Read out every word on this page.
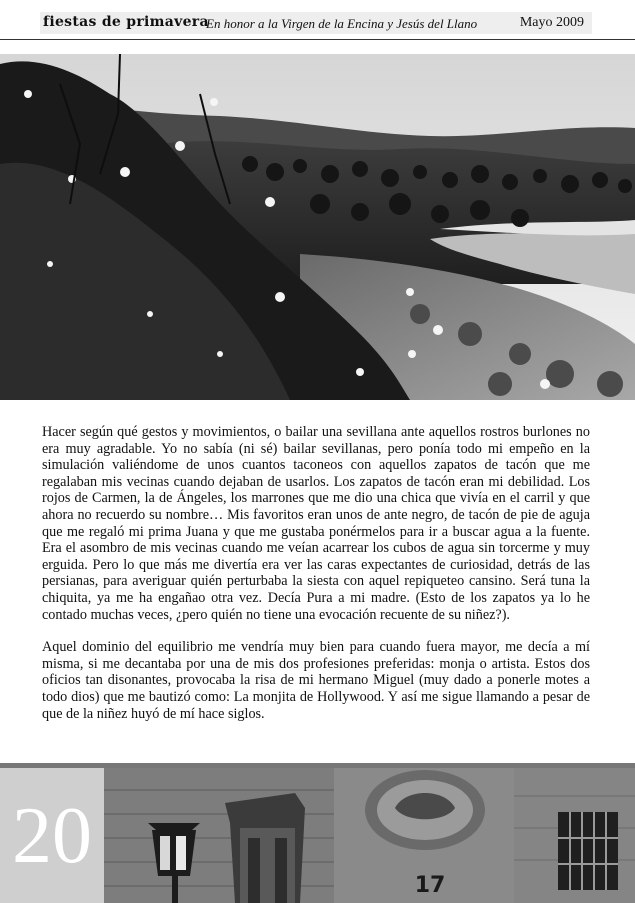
fiestas de primavera
En honor a la Virgen de la Encina y Jesús del Llano	Mayo 2009

Hacer según qué gestos y movimientos, o bailar una sevillana ante aquellos rostros burlones no era muy agradable. Yo no sabía (ni sé) bailar sevillanas, pero ponía todo mi empeño en la simulación valiéndome de unos cuantos taconeos con aquellos zapatos de tacón que me regalaban mis vecinas cuando dejaban de usarlos. Los zapatos de tacón eran mi debilidad. Los rojos de Carmen, la de Ángeles, los marrones que me dio una chica que vivía en el carril y que ahora no recuerdo su nombre… Mis favoritos eran unos de ante negro, de tacón de pie de aguja que me regaló mi prima Juana y que me gustaba ponérmelos para ir a buscar agua a la fuente. Era el asombro de mis vecinas cuando me veían acarrear los cubos de agua sin torcerme y muy erguida. Pero lo que más me divertía era ver las caras expectantes de curiosidad, detrás de las persianas, para averiguar quién perturbaba la siesta con aquel repiqueteo cansino. Será tuna la chiquita, ya me ha engañao otra vez. Decía Pura a mi madre. (Esto de los zapatos ya lo he contado muchas veces, ¿pero quién no tiene una evocación recuente de su niñez?).

Aquel dominio del equilibrio me vendría muy bien para cuando fuera mayor, me decía a mí misma, si me decantaba por una de mis dos profesiones preferidas: monja o artista. Estos dos oficios tan disonantes, provocaba la risa de mi hermano Miguel (muy dado a ponerle motes a todo dios) que me bautizó como: La monjita de Hollywood. Y así me sigue llamando a pesar de que de la niñez huyó de mí hace siglos.

17
20
